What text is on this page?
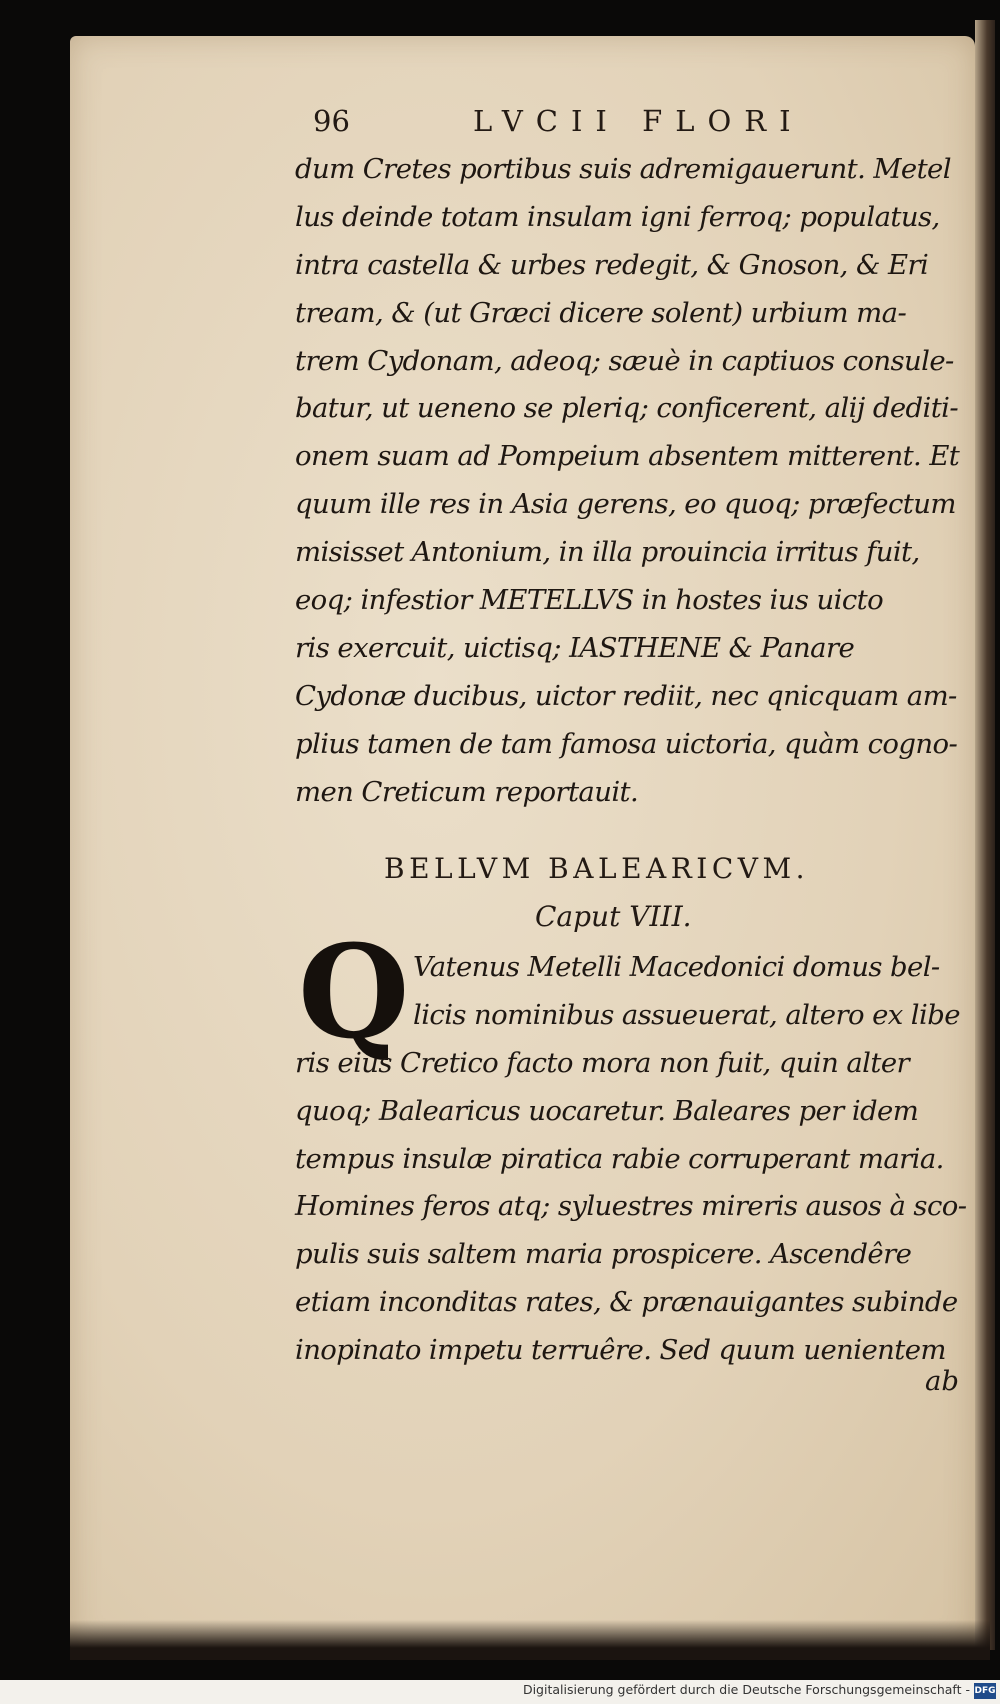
96	LVCII FLORI
dum Cretes portibus suis adremigauerunt. Metel
lus deinde totam insulam igni ferroq; populatus,
intra castella & urbes redegit, & Gnoson, & Eri
tream, & (ut Græci dicere solent) urbium ma-
trem Cydonam, adeoq; sæuè in captiuos consule-
batur, ut ueneno se pleriq; conficerent, alij dediti-
onem suam ad Pompeium absentem mitterent. Et
quum ille res in Asia gerens, eo quoq; præfectum
misisset Antonium, in illa prouincia irritus fuit,
eoq; infestior METELLVS in hostes ius uicto
ris exercuit, uictisq; IASTHENE & Panare
Cydonæ ducibus, uictor rediit, nec qnicquam am-
plius tamen de tam famosa uictoria, quàm cogno-
men Creticum reportauit.
BELLVM BALEARICVM.
Caput VIII.
Q Vatenus Metelli Macedonici domus bel-
licis nominibus assueuerat, altero ex libe
ris eius Cretico facto mora non fuit, quin alter
quoq; Balearicus uocaretur. Baleares per idem
tempus insulæ piratica rabie corruperant maria.
Homines feros atq; syluestres mireris ausos à sco-
pulis suis saltem maria prospicere. Ascendêre
etiam inconditas rates, & prænauigantes subinde
inopinato impetu terruêre. Sed quum uenientem
ab
Digitalisierung gefördert durch die Deutsche Forschungsgemeinschaft - DFG
